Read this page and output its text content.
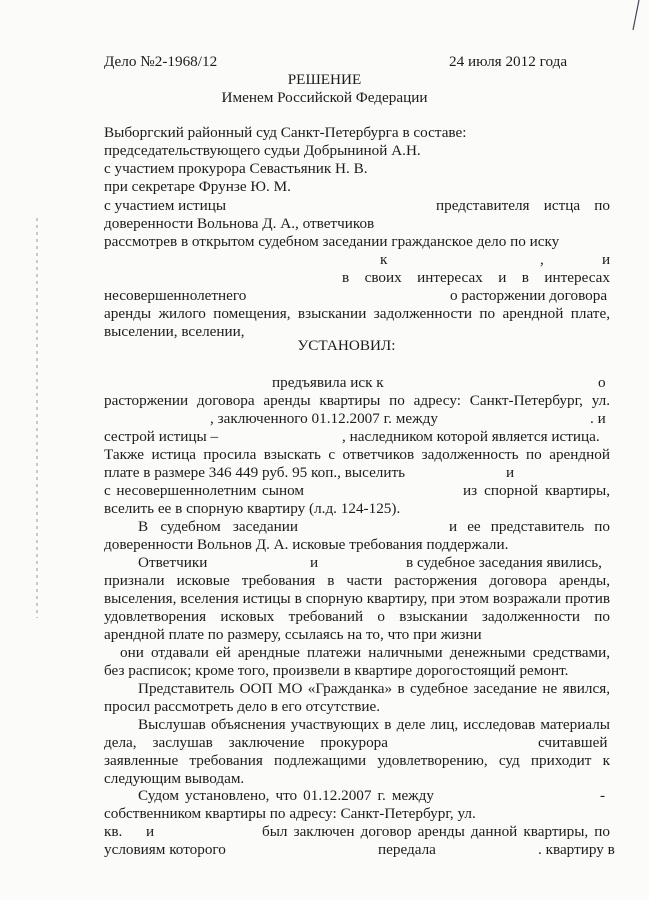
Дело №2-1968/12	24 июля 2012 года
РЕШЕНИЕ
Именем Российской Федерации
Выборгский районный суд Санкт-Петербурга в составе:
председательствующего судьи Добрыниной А.Н.
с участием прокурора Севастьяник Н. В.
при секретаре Фрунзе Ю. М.
с участием истицы	представителя истца по
доверенности Вольнова Д. А., ответчиков
рассмотрев в открытом судебном заседании гражданское дело по иску
к	,	и
в своих интересах и в интересах
несовершеннолетнего	о расторжении договора
аренды жилого помещения, взыскании задолженности по арендной плате,
выселении, вселении,
УСТАНОВИЛ:
предъявила иск к	о
расторжении договора аренды квартиры по адресу: Санкт-Петербург, ул.
, заключенного 01.12.2007 г. между	. и
сестрой истицы –	, наследником которой является истица.
Также истица просила взыскать с ответчиков задолженность по арендной
плате в размере 346 449 руб. 95 коп., выселить	и
с несовершеннолетним сыном	из спорной квартиры,
вселить ее в спорную квартиру (л.д. 124-125).
В судебном заседании	и ее представитель по
доверенности Вольнов Д. А. исковые требования поддержали.
Ответчики	и	в судебное заседания явились,
признали исковые требования в части расторжения договора аренды,
выселения, вселения истицы в спорную квартиру, при этом возражали против
удовлетворения исковых требований о взыскании задолженности по
арендной плате по размеру, ссылаясь на то, что при жизни
они отдавали ей арендные платежи наличными денежными средствами,
без расписок; кроме того, произвели в квартире дорогостоящий ремонт.
Представитель ООП МО «Гражданка» в судебное заседание не явился,
просил рассмотреть дело в его отсутствие.
Выслушав объяснения участвующих в деле лиц, исследовав материалы
дела, заслушав заключение прокурора	считавшей
заявленные требования подлежащими удовлетворению, суд приходит к
следующим выводам.
Судом установлено, что 01.12.2007 г. между	-
собственником квартиры по адресу: Санкт-Петербург, ул.
кв. и	был заключен договор аренды данной квартиры, по
условиям которого	передала	. квартиру в
